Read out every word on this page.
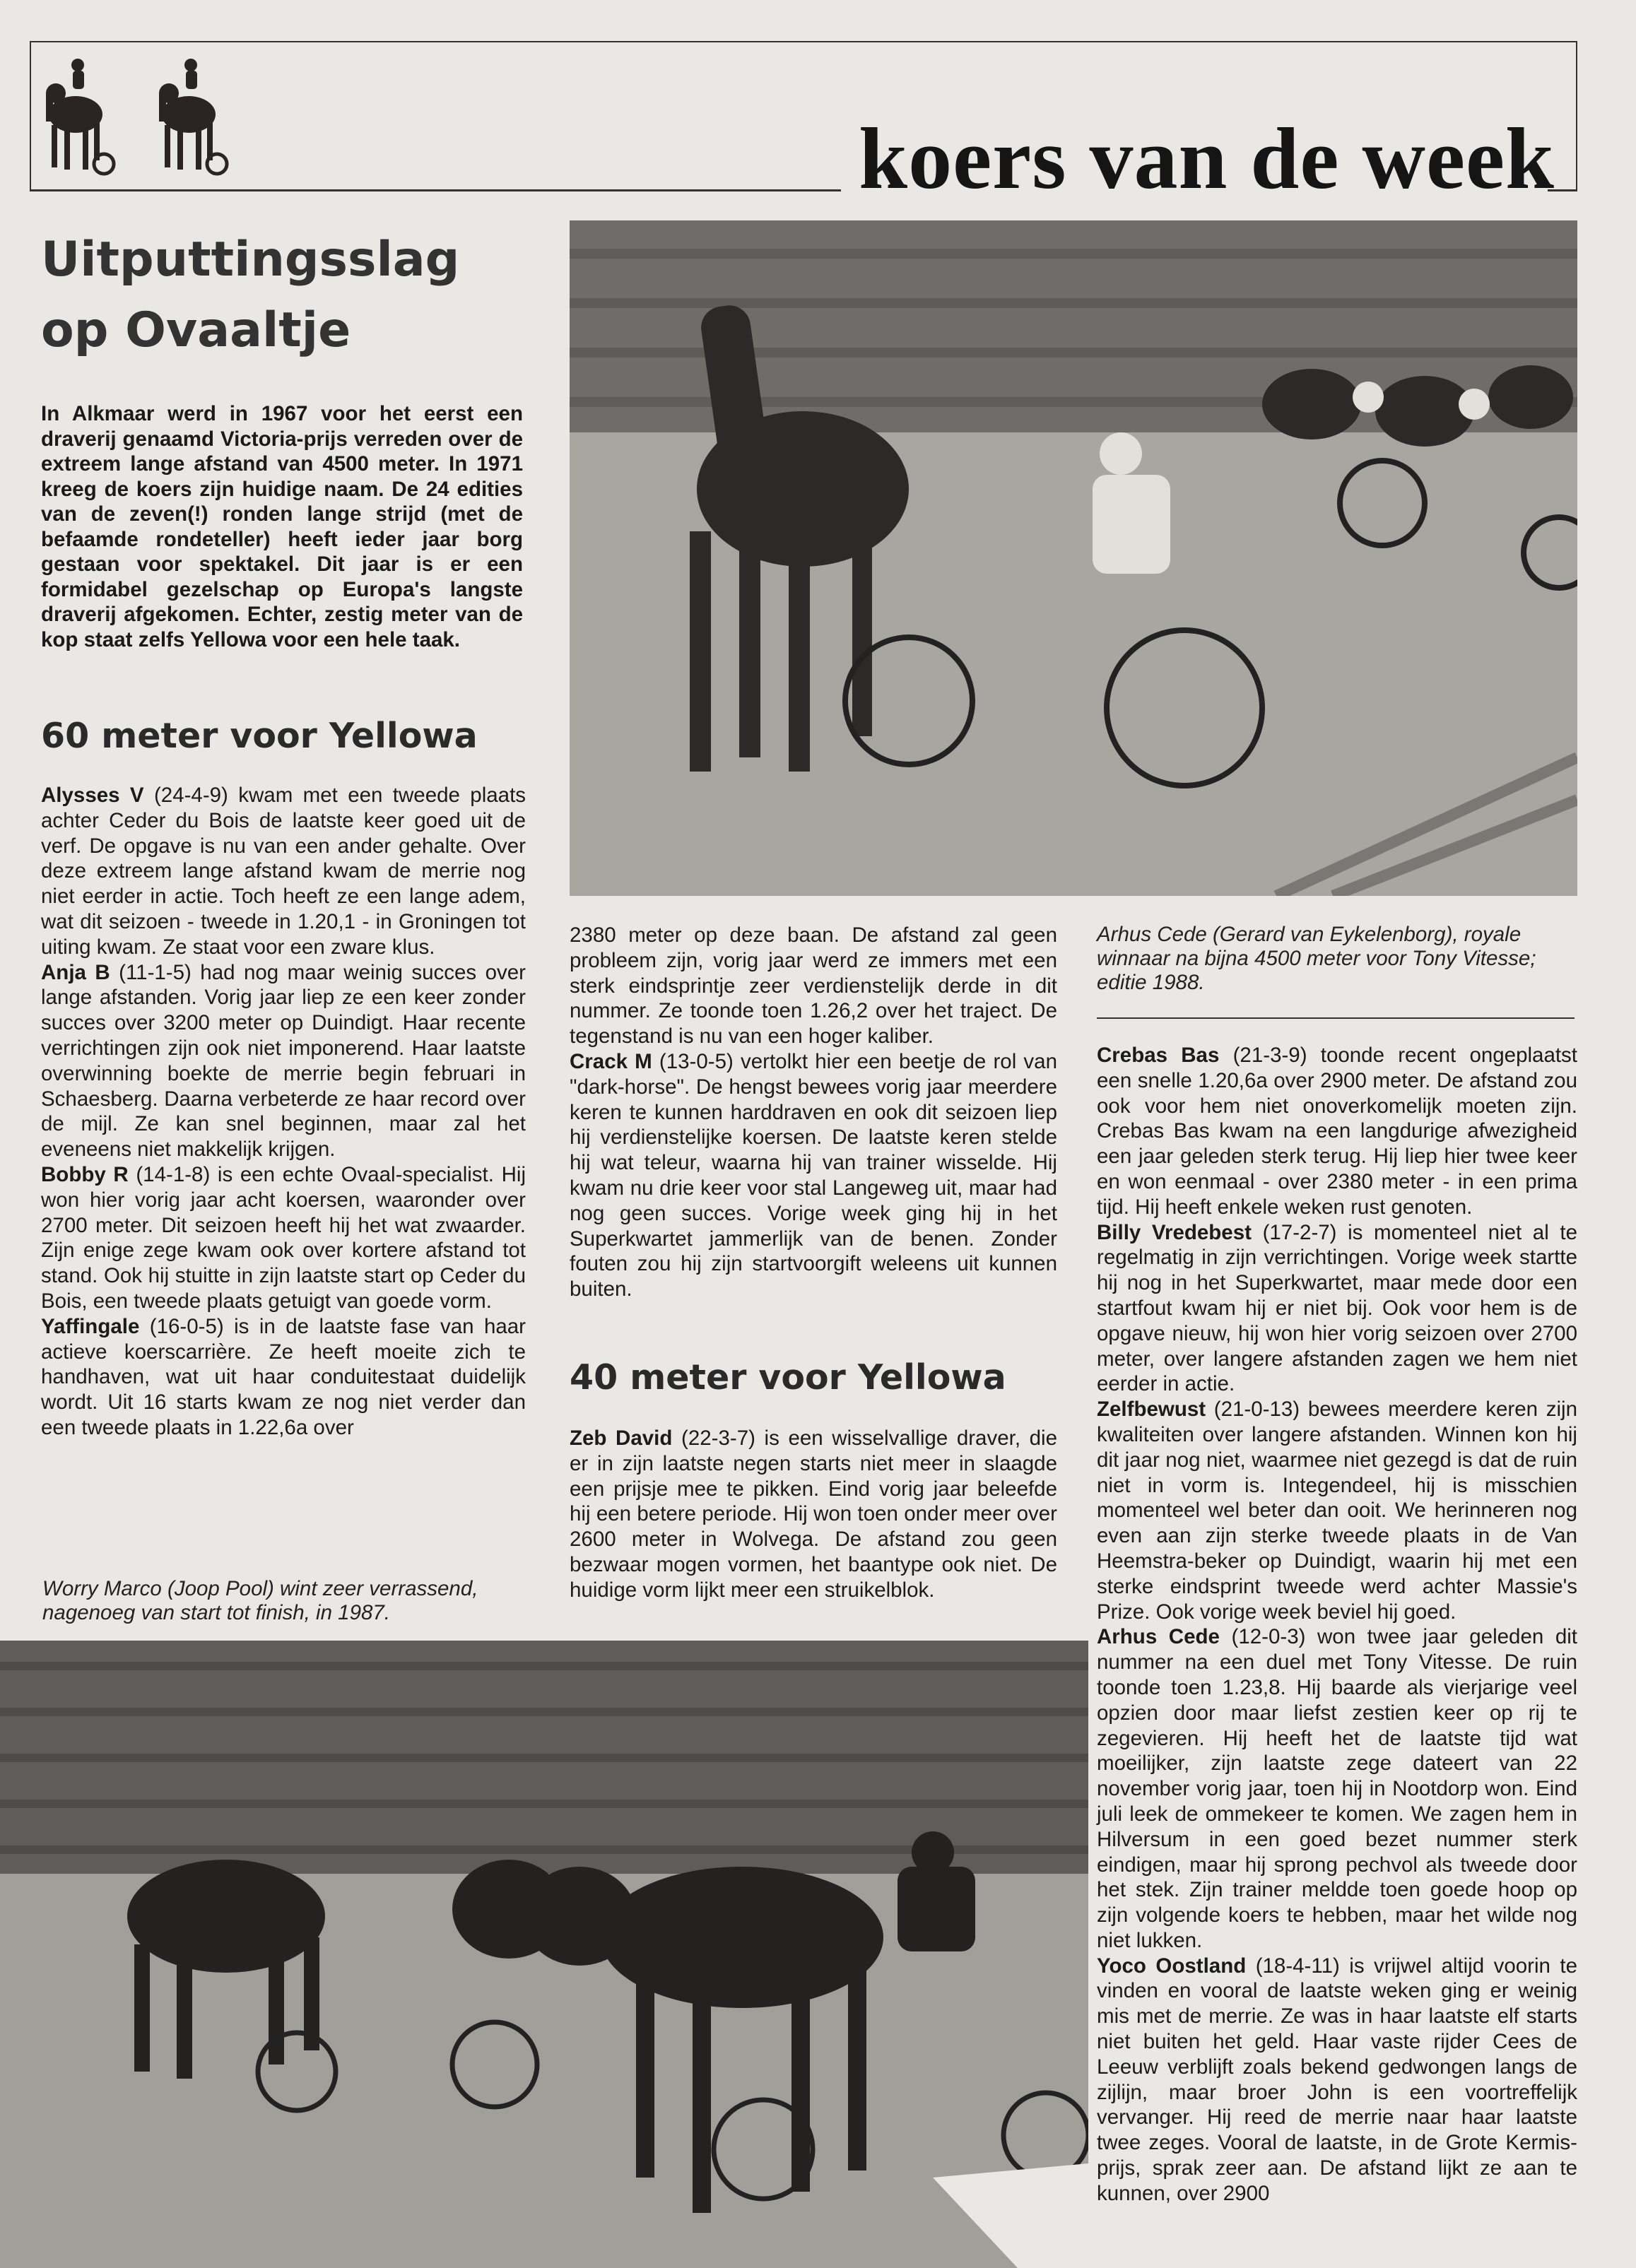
koers van de week
Uitputtingsslag
op Ovaaltje
In Alkmaar werd in 1967 voor het eerst een draverij genaamd Victoria-prijs verreden over de extreem lange afstand van 4500 meter. In 1971 kreeg de koers zijn huidige naam. De 24 edities van de zeven(!) ronden lange strijd (met de befaamde rondeteller) heeft ieder jaar borg gestaan voor spektakel. Dit jaar is er een formidabel gezelschap op Europa's langste draverij afgekomen. Echter, zestig meter van de kop staat zelfs Yellowa voor een hele taak.
60 meter voor Yellowa

Alysses V (24-4-9) kwam met een tweede plaats achter Ceder du Bois de laatste keer goed uit de verf. De opgave is nu van een ander gehalte. Over deze extreem lange afstand kwam de merrie nog niet eerder in actie. Toch heeft ze een lange adem, wat dit seizoen - tweede in 1.20,1 - in Groningen tot uiting kwam. Ze staat voor een zware klus.

Anja B (11-1-5) had nog maar weinig succes over lange afstanden. Vorig jaar liep ze een keer zonder succes over 3200 meter op Duindigt. Haar recente verrichtingen zijn ook niet imponerend. Haar laatste overwinning boekte de merrie begin februari in Schaesberg. Daarna verbeterde ze haar record over de mijl. Ze kan snel beginnen, maar zal het eveneens niet makkelijk krijgen.

Bobby R (14-1-8) is een echte Ovaal-specialist. Hij won hier vorig jaar acht koersen, waaronder over 2700 meter. Dit seizoen heeft hij het wat zwaarder. Zijn enige zege kwam ook over kortere afstand tot stand. Ook hij stuitte in zijn laatste start op Ceder du Bois, een tweede plaats getuigt van goede vorm.

Yaffingale (16-0-5) is in de laatste fase van haar actieve koerscarrière. Ze heeft moeite zich te handhaven, wat uit haar conduitestaat duidelijk wordt. Uit 16 starts kwam ze nog niet verder dan een tweede plaats in 1.22,6a over

Worry Marco (Joop Pool) wint zeer verrassend, nagenoeg van start tot finish, in 1987.
Arhus Cede (Gerard van Eykelenborg), royale winnaar na bijna 4500 meter voor Tony Vitesse; editie 1988.

2380 meter op deze baan. De afstand zal geen probleem zijn, vorig jaar werd ze immers met een sterk eindsprintje zeer verdienstelijk derde in dit nummer. Ze toonde toen 1.26,2 over het traject. De tegenstand is nu van een hoger kaliber.

Crack M (13-0-5) vertolkt hier een beetje de rol van "dark-horse". De hengst bewees vorig jaar meerdere keren te kunnen harddraven en ook dit seizoen liep hij verdienstelijke koersen. De laatste keren stelde hij wat teleur, waarna hij van trainer wisselde. Hij kwam nu drie keer voor stal Langeweg uit, maar had nog geen succes. Vorige week ging hij in het Superkwartet jammerlijk van de benen. Zonder fouten zou hij zijn startvoorgift weleens uit kunnen buiten.

40 meter voor Yellowa

Zeb David (22-3-7) is een wisselvallige draver, die er in zijn laatste negen starts niet meer in slaagde een prijsje mee te pikken. Eind vorig jaar beleefde hij een betere periode. Hij won toen onder meer over 2600 meter in Wolvega. De afstand zou geen bezwaar mogen vormen, het baantype ook niet. De huidige vorm lijkt meer een struikelblok.

Crebas Bas (21-3-9) toonde recent ongeplaatst een snelle 1.20,6a over 2900 meter. De afstand zou ook voor hem niet onoverkomelijk moeten zijn. Crebas Bas kwam na een langdurige afwezigheid een jaar geleden sterk terug. Hij liep hier twee keer en won eenmaal - over 2380 meter - in een prima tijd. Hij heeft enkele weken rust genoten.

Billy Vredebest (17-2-7) is momenteel niet al te regelmatig in zijn verrichtingen. Vorige week startte hij nog in het Superkwartet, maar mede door een startfout kwam hij er niet bij. Ook voor hem is de opgave nieuw, hij won hier vorig seizoen over 2700 meter, over langere afstanden zagen we hem niet eerder in actie.

Zelfbewust (21-0-13) bewees meerdere keren zijn kwaliteiten over langere afstanden. Winnen kon hij dit jaar nog niet, waarmee niet gezegd is dat de ruin niet in vorm is. Integendeel, hij is misschien momenteel wel beter dan ooit. We herinneren nog even aan zijn sterke tweede plaats in de Van Heemstra-beker op Duindigt, waarin hij met een sterke eindsprint tweede werd achter Massie's Prize. Ook vorige week beviel hij goed.

Arhus Cede (12-0-3) won twee jaar geleden dit nummer na een duel met Tony Vitesse. De ruin toonde toen 1.23,8. Hij baarde als vierjarige veel opzien door maar liefst zestien keer op rij te zegevieren. Hij heeft het de laatste tijd wat moeilijker, zijn laatste zege dateert van 22 november vorig jaar, toen hij in Nootdorp won. Eind juli leek de ommekeer te komen. We zagen hem in Hilversum in een goed bezet nummer sterk eindigen, maar hij sprong pechvol als tweede door het stek. Zijn trainer meldde toen goede hoop op zijn volgende koers te hebben, maar het wilde nog niet lukken.

Yoco Oostland (18-4-11) is vrijwel altijd voorin te vinden en vooral de laatste weken ging er weinig mis met de merrie. Ze was in haar laatste elf starts niet buiten het geld. Haar vaste rijder Cees de Leeuw verblijft zoals bekend gedwongen langs de zijlijn, maar broer John is een voortreffelijk vervanger. Hij reed de merrie naar haar laatste twee zeges. Vooral de laatste, in de Grote Kermis-prijs, sprak zeer aan. De afstand lijkt ze aan te kunnen, over 2900
